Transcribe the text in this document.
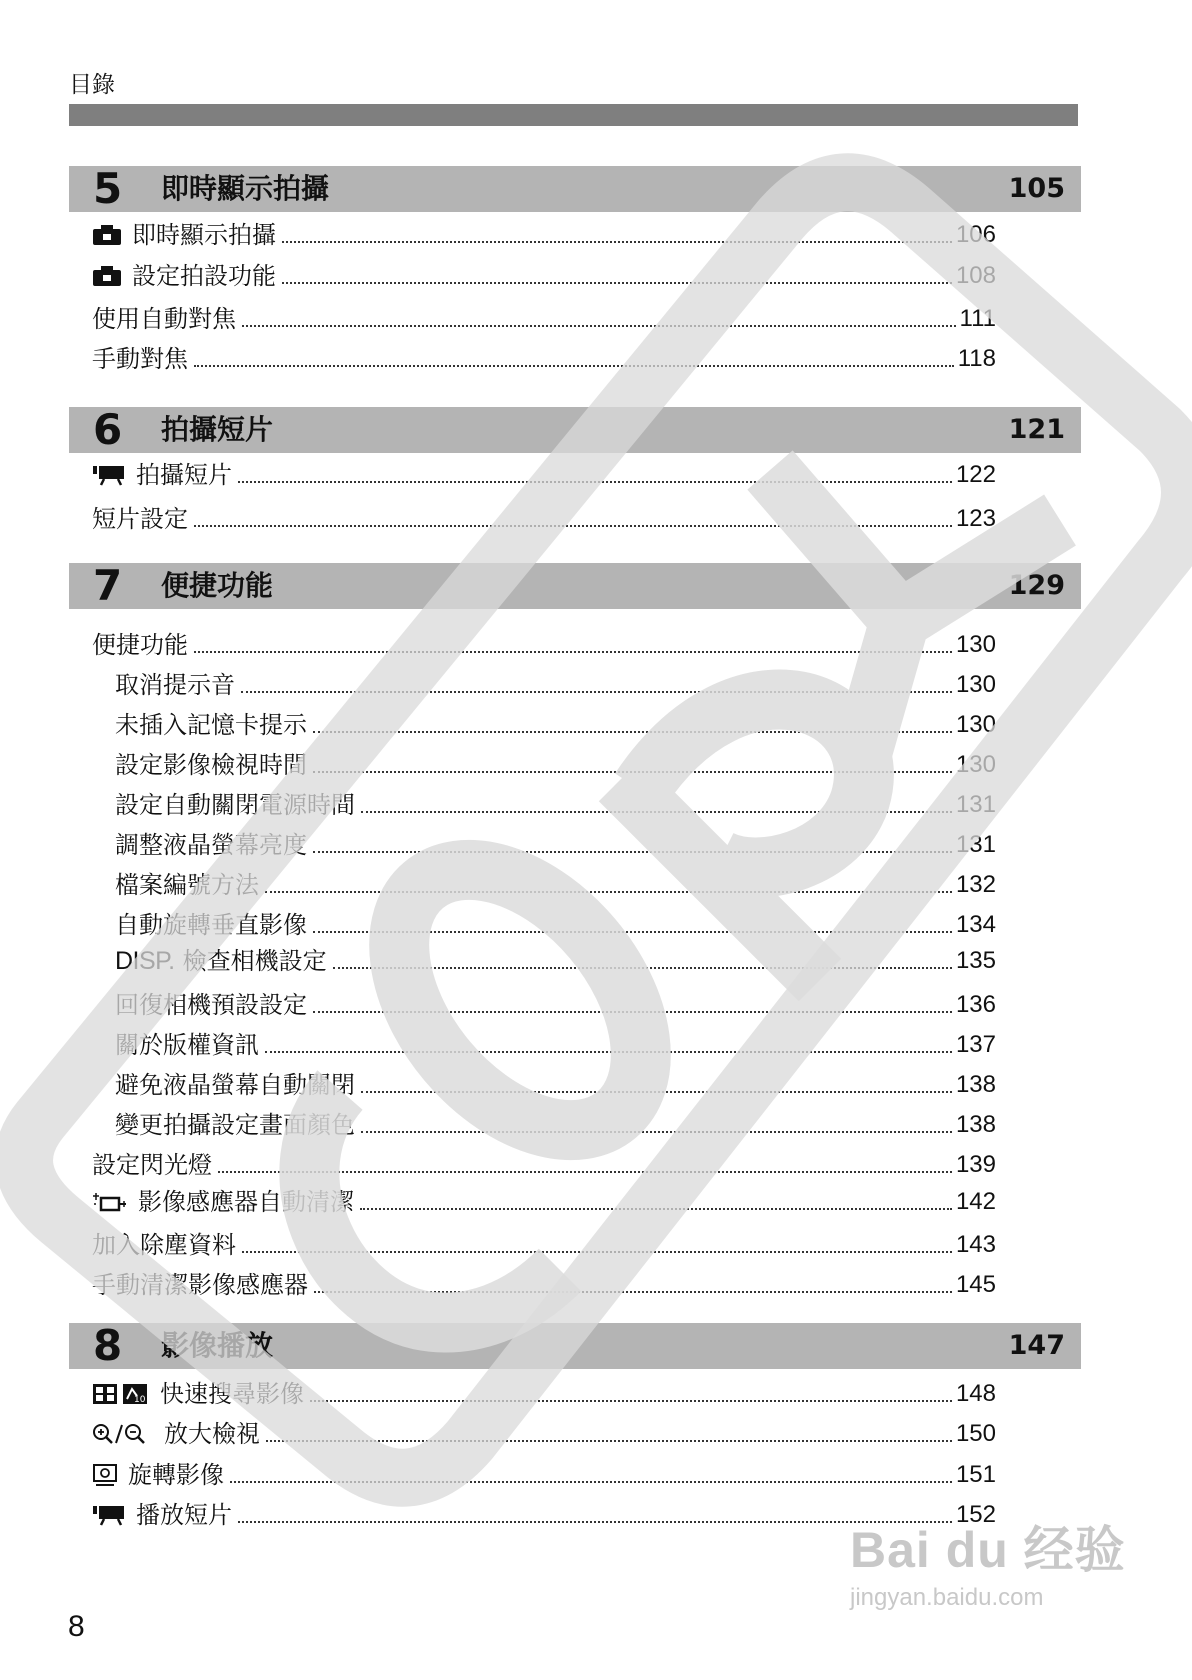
目錄
5 即時顯示拍攝	105
即時顯示拍攝	106
設定拍設功能	108
使用自動對焦	111
手動對焦	118
6 拍攝短片	121
拍攝短片	122
短片設定	123
7 便捷功能	129
便捷功能	130
取消提示音	130
未插入記憶卡提示	130
設定影像檢視時間	130
設定自動關閉電源時間	131
調整液晶螢幕亮度	131
檔案編號方法	132
自動旋轉垂直影像	134
DISP. 檢查相機設定	135
回復相機預設設定	136
關於版權資訊	137
避免液晶螢幕自動關閉	138
變更拍攝設定畫面顏色	138
設定閃光燈	139
影像感應器自動清潔	142
加入除塵資料	143
手動清潔影像感應器	145
8 影像播放	147
10 快速搜尋影像	148
放大檢視	150
旋轉影像	151
播放短片	152
8
Bai du 经验
jingyan.baidu.com
